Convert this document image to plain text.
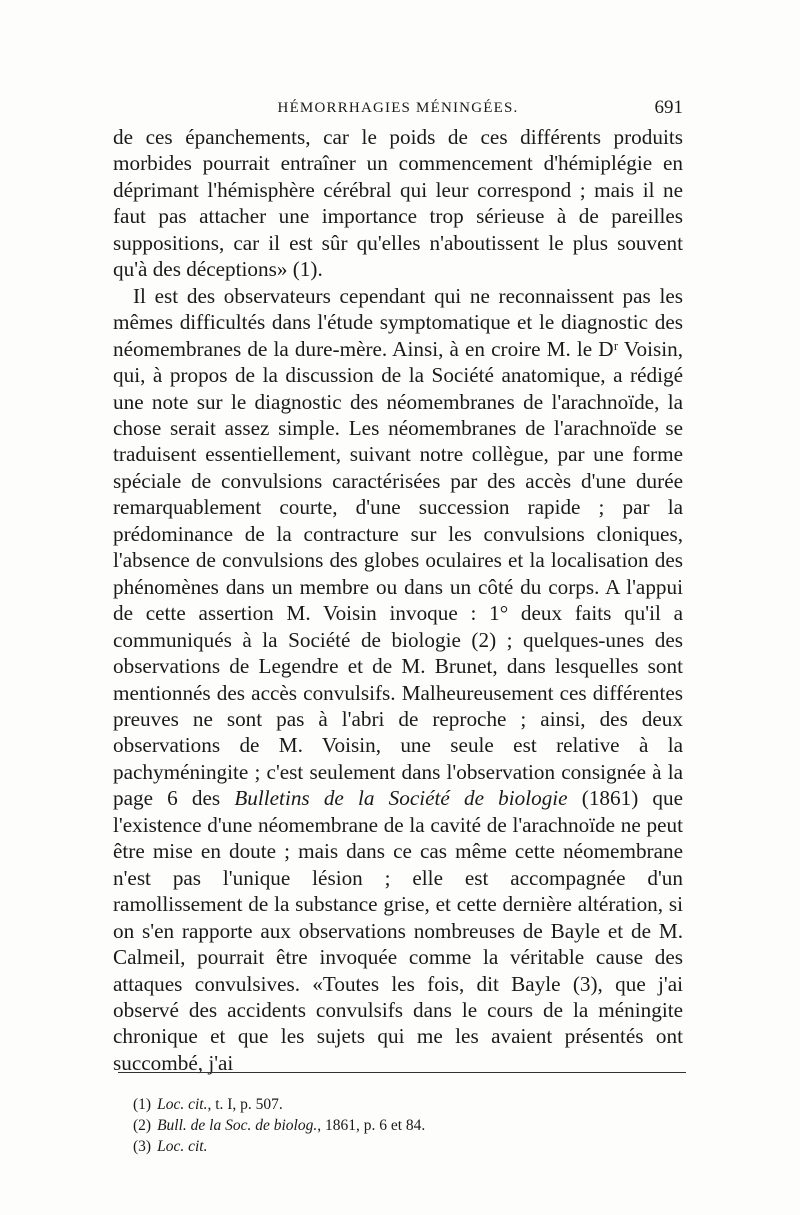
HÉMORRHAGIES MÉNINGÉES.	691

de ces épanchements, car le poids de ces différents produits morbides pourrait entraîner un commencement d'hémiplégie en déprimant l'hémisphère cérébral qui leur correspond ; mais il ne faut pas attacher une importance trop sérieuse à de pareilles suppositions, car il est sûr qu'elles n'aboutissent le plus souvent qu'à des déceptions» (1).

Il est des observateurs cependant qui ne reconnaissent pas les mêmes difficultés dans l'étude symptomatique et le diagnostic des néomembranes de la dure-mère. Ainsi, à en croire M. le Dʳ Voisin, qui, à propos de la discussion de la Société anatomique, a rédigé une note sur le diagnostic des néomembranes de l'arachnoïde, la chose serait assez simple. Les néomembranes de l'arachnoïde se traduisent essentiellement, suivant notre collègue, par une forme spéciale de convulsions caractérisées par des accès d'une durée remarquablement courte, d'une succession rapide ; par la prédominance de la contracture sur les convulsions cloniques, l'absence de convulsions des globes oculaires et la localisation des phénomènes dans un membre ou dans un côté du corps. A l'appui de cette assertion M. Voisin invoque : 1° deux faits qu'il a communiqués à la Société de biologie (2) ; quelques-unes des observations de Legendre et de M. Brunet, dans lesquelles sont mentionnés des accès convulsifs. Malheureusement ces différentes preuves ne sont pas à l'abri de reproche ; ainsi, des deux observations de M. Voisin, une seule est relative à la pachyméningite ; c'est seulement dans l'observation consignée à la page 6 des Bulletins de la Société de biologie (1861) que l'existence d'une néomembrane de la cavité de l'arachnoïde ne peut être mise en doute ; mais dans ce cas même cette néomembrane n'est pas l'unique lésion ; elle est accompagnée d'un ramollissement de la substance grise, et cette dernière altération, si on s'en rapporte aux observations nombreuses de Bayle et de M. Calmeil, pourrait être invoquée comme la véritable cause des attaques convulsives. «Toutes les fois, dit Bayle (3), que j'ai observé des accidents convulsifs dans le cours de la méningite chronique et que les sujets qui me les avaient présentés ont succombé, j'ai

(1) Loc. cit., t. I, p. 507.
(2) Bull. de la Soc. de biolog., 1861, p. 6 et 84.
(3) Loc. cit.
